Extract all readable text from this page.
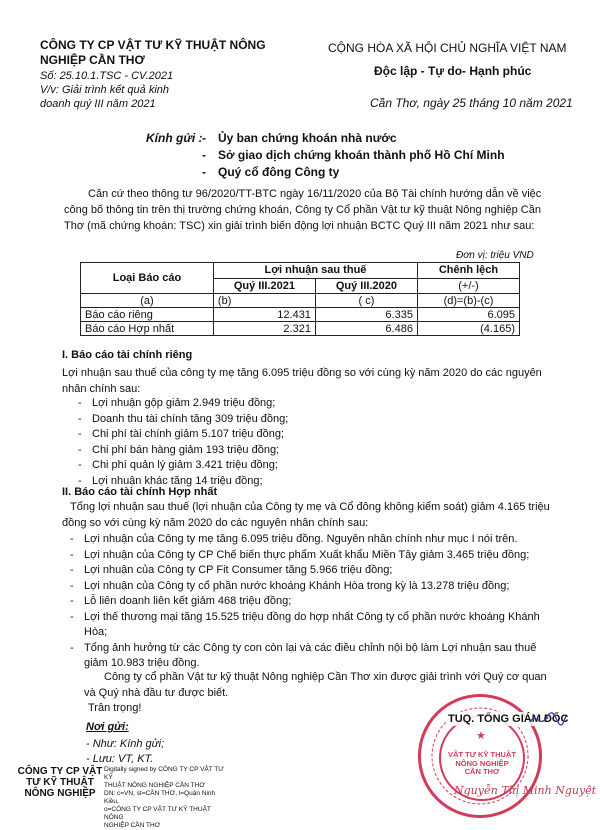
CÔNG TY CP VẬT TƯ KỸ THUẬT NÔNG
NGHIỆP CẦN THƠ
Số: 25.10.1.TSC - CV.2021
V/v: Giải trình kết quả kinh
doanh quý III năm 2021
CỘNG HÒA XÃ HỘI CHỦ NGHĨA VIỆT NAM
Độc lập - Tự do- Hạnh phúc
Cần Thơ, ngày 25 tháng 10 năm 2021
Kính gửi : - Ủy ban chứng khoán nhà nước
- Sở giao dịch chứng khoán thành phố Hồ Chí Minh
- Quý cổ đông Công ty
Căn cứ theo thông tư 96/2020/TT-BTC ngày 16/11/2020 của Bộ Tài chính hướng dẫn về việc
công bố thông tin trên thị trường chứng khoán, Công ty Cổ phần Vật tư kỹ thuật Nông nghiệp Cần
Thơ (mã chứng khoán: TSC) xin giải trình biến động lợi nhuận BCTC Quý III năm 2021 như sau:
Đơn vị: triệu VND
Loại Báo cáo	Lợi nhuận sau thuế		Chênh lệch
	Quý III.2021	Quý III.2020	(+/-)
(a)	(b)	( c)	(d)=(b)-(c)
Báo cáo riêng	12.431	6.335	6.095
Báo cáo Hợp nhất	2.321	6.486	(4.165)
I. Báo cáo tài chính riêng
Lợi nhuận sau thuế của công ty mẹ tăng 6.095 triệu đồng so với cùng kỳ năm 2020 do các nguyên
nhân chính sau:
- Lợi nhuận gộp giảm 2.949 triệu đồng;
- Doanh thu tài chính tăng 309 triệu đồng;
- Chi phí tài chính giảm 5.107 triệu đồng;
- Chi phí bán hàng giảm 193 triệu đồng;
- Chi phí quản lý giảm 3.421 triệu đồng;
- Lợi nhuận khác tăng 14 triệu đồng;
II. Báo cáo tài chính Hợp nhất
Tổng lợi nhuận sau thuế (lợi nhuận của Công ty mẹ và Cổ đông không kiểm soát) giảm 4.165 triệu
đồng so với cùng kỳ năm 2020 do các nguyên nhân chính sau:
- Lợi nhuận của Công ty mẹ tăng 6.095 triệu đồng. Nguyên nhân chính như mục I nói trên.
- Lợi nhuận của Công ty CP Chế biến thực phẩm Xuất khẩu Miền Tây giảm 3.465 triệu đồng;
- Lợi nhuận của Công ty CP Fit Consumer tăng 5.966 triệu đồng;
- Lợi nhuận của Công ty cổ phần nước khoáng Khánh Hòa trong kỳ là 13.278 triệu đồng;
- Lỗ liên doanh liên kết giảm 468 triệu đồng;
- Lợi thế thương mại tăng 15.525 triệu đồng do hợp nhất Công ty cổ phần nước khoáng Khánh
Hòa;
- Tổng ảnh hưởng từ các Công ty con còn lại và các điều chỉnh nội bộ làm Lợi nhuận sau thuế
giảm 10.983 triệu đồng.
Công ty cổ phần Vật tư kỹ thuật Nông nghiệp Cần Thơ xin được giải trình với Quý cơ quan
và Quý nhà đầu tư được biết.
Trân trọng!
Nơi gửi:
- Như: Kính gửi;
- Lưu: VT, KT.
★
VẬT TƯ KỸ THUẬT
NÔNG NGHIỆP
CẦN THƠ
TUQ. TỔNG GIÁM ĐỐC
Nguyễn Thị Minh Nguyệt
CÔNG TY CP VẬT
TƯ KỸ THUẬT
NÔNG NGHIỆP
Digitally signed by CÔNG TY CP VẬT TƯ KỸ
THUẬT NÔNG NGHIỆP CẦN THƠ
DN: c=VN, st=CẦN THƠ, l=Quận Ninh Kiều,
o=CÔNG TY CP VẬT TƯ KỸ THUẬT NÔNG
NGHIỆP CẦN THƠ
